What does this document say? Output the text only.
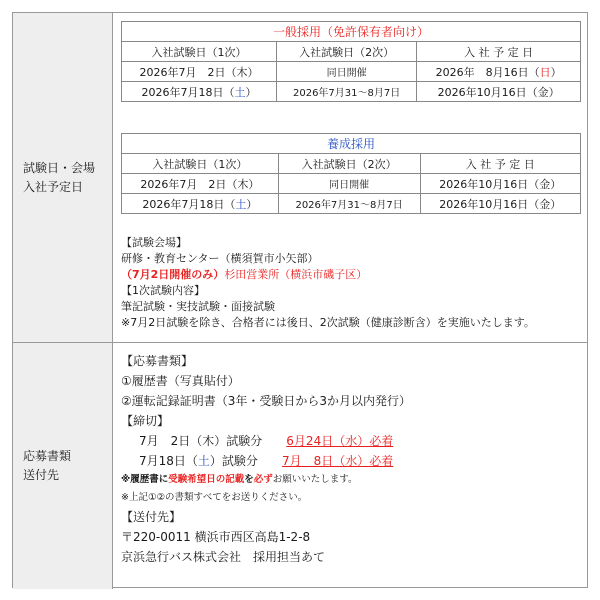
試験日・会場
入社予定日
一般採用（免許保有者向け）		
入社試験日（1次）	入社試験日（2次）	入 社 予 定 日
2026年7月　2日（木）	同日開催	2026年　8月16日（日）
2026年7月18日（土）	2026年7月31～8月7日	2026年10月16日（金）
養成採用		
入社試験日（1次）	入社試験日（2次）	入 社 予 定 日
2026年7月　2日（木）	同日開催	2026年10月16日（金）
2026年7月18日（土）	2026年7月31～8月7日	2026年10月16日（金）
【試験会場】
研修・教育センター（横須賀市小矢部）
（7月2日開催のみ）杉田営業所（横浜市磯子区）
【1次試験内容】
筆記試験・実技試験・面接試験
※7月2日試験を除き、合格者には後日、2次試験（健康診断含）を実施いたします。
応募書類
送付先
【応募書類】
①履歴書（写真貼付）
②運転記録証明書（3年・受験日から3か月以内発行）
【締切】
7月　2日（木）試験分　　 6月24日（水）必着
7月18日（土）試験分　　 7月　8日（水）必着
※履歴書に受験希望日の記載を必ずお願いいたします。
※上記①②の書類すべてをお送りください。
【送付先】
〒220-0011 横浜市西区高島1-2-8
京浜急行バス株式会社　採用担当あて
